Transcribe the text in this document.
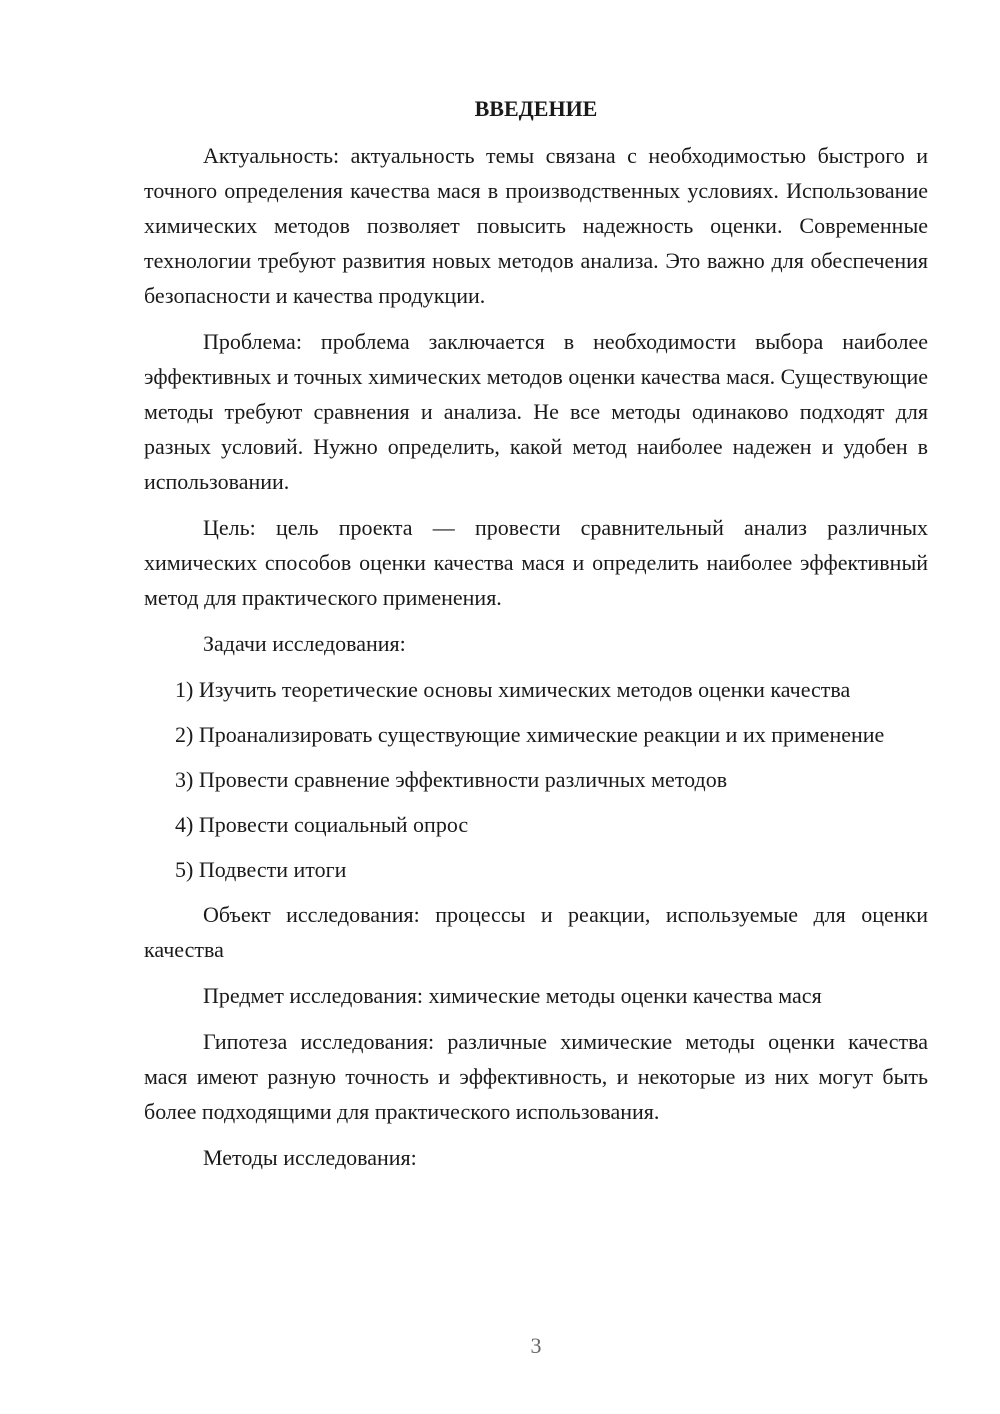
ВВЕДЕНИЕ

Актуальность: актуальность темы связана с необходимостью быстрого и точного определения качества мася в производственных условиях. Использование химических методов позволяет повысить надежность оценки. Современные технологии требуют развития новых методов анализа. Это важно для обеспечения безопасности и качества продукции.

Проблема: проблема заключается в необходимости выбора наиболее эффективных и точных химических методов оценки качества мася. Существующие методы требуют сравнения и анализа. Не все методы одинаково подходят для разных условий. Нужно определить, какой метод наиболее надежен и удобен в использовании.

Цель: цель проекта — провести сравнительный анализ различных химических способов оценки качества мася и определить наиболее эффективный метод для практического применения.

Задачи исследования:

1) Изучить теоретические основы химических методов оценки качества

2) Проанализировать существующие химические реакции и их применение

3) Провести сравнение эффективности различных методов

4) Провести социальный опрос

5) Подвести итоги

Объект исследования: процессы и реакции, используемые для оценки качества

Предмет исследования: химические методы оценки качества мася

Гипотеза исследования: различные химические методы оценки качества мася имеют разную точность и эффективность, и некоторые из них могут быть более подходящими для практического использования.

Методы исследования:

3
